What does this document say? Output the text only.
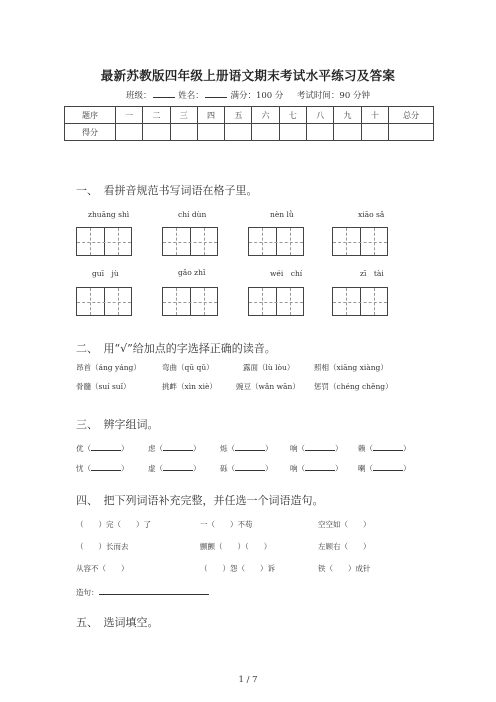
最新苏教版四年级上册语文期末考试水平练习及答案
班级：	姓名：	满分：100 分 考试时间：90 分钟
题序	一	二	三	四	五	六	七	八	九	十	总分
得分											
一、　看拼音规范书写词语在格子里。
zhuāng shì	chí dùn	nèn lǜ	xiāo sǎ
guī　jù	gǎo zhǐ	wéi　chí	zī　tài
二、　用“√”给加点的字选择正确的读音。
昂首（áng yáng）	弯曲（qū qǔ）	露面（lù lòu）	照相（xiāng xiàng）
骨髓（suí suǐ）	挑衅（xìn xiè）	豌豆（wǎn wān） 惩罚（chéng chěng）
三、　辨字组词。
优（	）	虑（	）	烁（	） 响（	） 赖（	）
忧（	）	虚（	）	砾（	） 响（	） 喇（	）
四、　把下列词语补充完整，并任选一个词语造句。
（　　）完（　　）了	一（　　）不苟	空空如（　　）
（　　）长而去	颤颤（　　）（　　）	左顾右（　　）
从容不（　　）	（　　）怨（　　）诉	铁（　　）成针
造句：
五、　选词填空。
1 / 7
